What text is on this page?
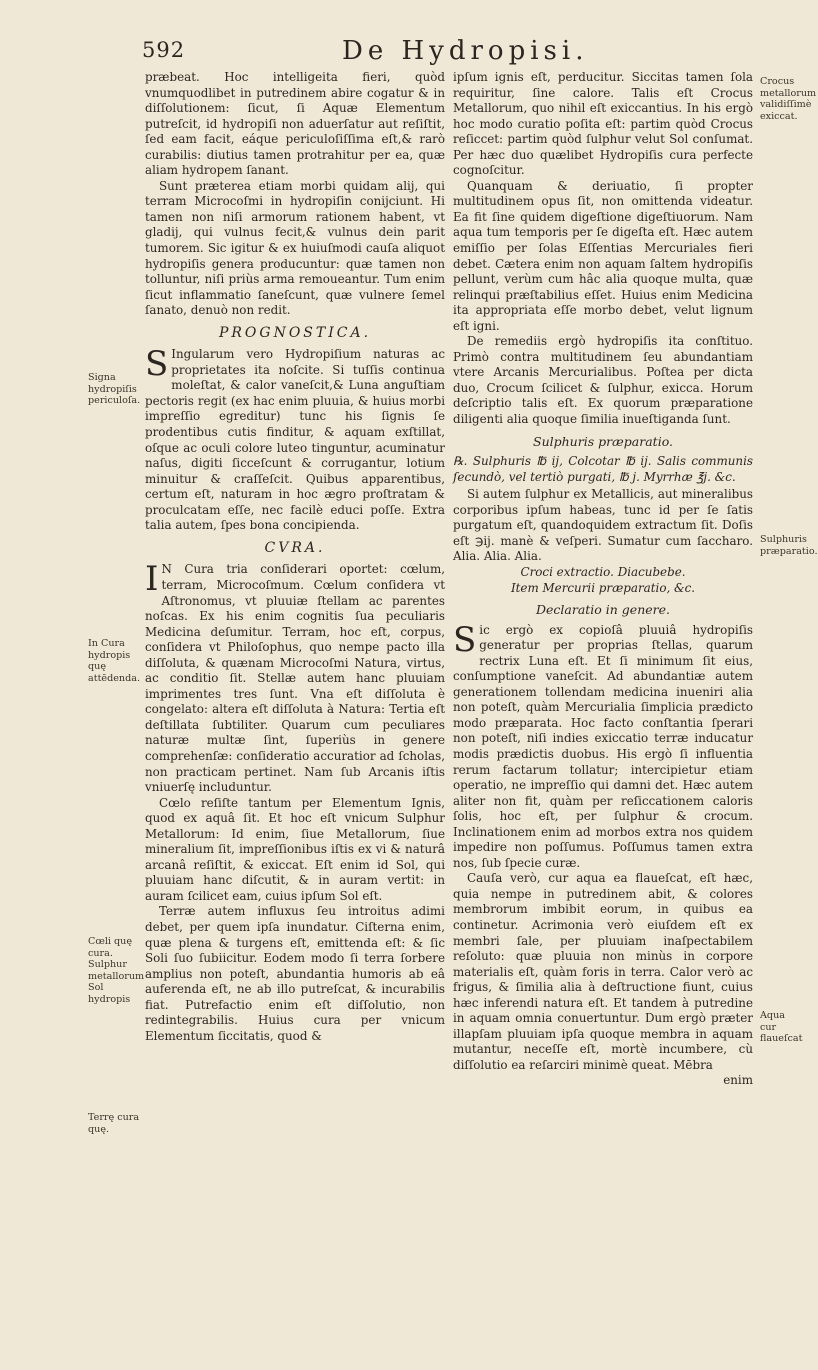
592	De Hydropisi.

præbeat. Hoc intelligeita fieri, quòd vnumquodlibet in putredinem abire cogatur & in diſſolutionem: ſicut, ſi Aquæ Elementum putreſcit, id hydropiſi non aduerſatur aut reſiſtit, ſed eam facit, eáque periculoſiſſima eſt,& rarò curabilis: diutius tamen protrahitur per ea, quæ aliam hydropem ſanant.

Sunt præterea etiam morbi quidam alij, qui terram Microcoſmi in hydropiſin conijciunt. Hi tamen non niſi armorum rationem habent, vt gladij, qui vulnus fecit,& vulnus dein parit tumorem. Sic igitur & ex huiuſmodi cauſa aliquot hydropiſis genera producuntur: quæ tamen non tolluntur, niſi priùs arma remoueantur. Tum enim ſicut inflammatio ſaneſcunt, quæ vulnere ſemel ſanato, denuò non redit.

PROGNOSTICA.

S Ingularum vero Hydropiſium naturas ac proprietates ita noſcite. Si tuſſis continua moleſtat, & calor vaneſcit,& Luna anguſtiam pectoris regit (ex hac enim pluuia, & huius morbi impreſſio egreditur) tunc his ſignis ſe prodentibus cutis finditur, & aquam exſtillat, oſque ac oculi colore luteo tinguntur, acuminatur naſus, digiti ſicceſcunt & corrugantur, lotium minuitur & craſſeſcit. Quibus apparentibus, certum eſt, naturam in hoc ægro proſtratam & proculcatam eſſe, nec facilè educi poſſe. Extra talia autem, ſpes bona concipienda.

CVRA.

I N Cura tria conſiderari oportet: cœlum, terram, Microcoſmum. Cœlum conſiderа vt Aſtronomus, vt pluuiæ ſtellam ac parentes noſcas. Ex his enim cognitis ſua peculiaris Medicina deſumitur. Terram, hoc eſt, corpus, conſidera vt Philoſophus, quo nempe pacto illa diſſoluta, & quænam Microcoſmi Natura, virtus, ac conditio ſit. Stellæ autem hanc pluuiam imprimentes tres ſunt. Vna eſt diſſoluta è congelato: altera eſt diſſoluta à Natura: Tertia eſt deſtillata ſubtiliter. Quarum cum peculiares naturæ multæ ſint, ſuperiùs in genere comprehenſæ: conſideratio accuratior ad ſcholas, non practicam pertinet. Nam ſub Arcanis iſtis vniuerſę includuntur.

Cœlo reſiſte tantum per Elementum Ignis, quod ex aquâ ſit. Et hoc eſt vnicum Sulphur Metallorum: Id enim, ſiue Metallorum, ſiue mineralium ſit, impreſſionibus iſtis ex vi & naturâ arcanâ reſiſtit, & exiccat. Eſt enim id Sol, qui pluuiam hanc diſcutit, & in auram vertit: in auram ſcilicet eam, cuius ipſum Sol eſt.

Terræ autem influxus ſeu introitus adimi debet, per quem ipſa inundatur. Ciſterna enim, quæ plena & turgens eſt, emittenda eſt: & ſic Soli ſuo ſubiicitur. Eodem modo ſi terra ſorbere amplius non poteſt, abundantia humoris ab eâ auferenda eſt, ne ab illo putreſcat, & incurabilis fiat. Putrefactio enim eſt diſſolutio, non redintegrabilis. Huius cura per vnicum Elementum ſiccitatis, quod &

ipſum ignis eſt, perducitur. Siccitas tamen ſola requiritur, ſine calore. Talis eſt Crocus Metallorum, quo nihil eſt exiccantius. In his ergò hoc modo curatio poſita eſt: partim quòd Crocus reſiccet: partim quòd ſulphur velut Sol conſumat. Per hæc duo quælibet Hydropiſis cura perfecte cognoſcitur.

Quanquam & deriuatio, ſi propter multitudinem opus ſit, non omittenda videatur. Ea fit ſine quidem digeſtione digeſtiuorum. Nam aqua tum temporis per ſe digeſta eſt. Hæc autem emiſſio per ſolas Eſſentias Mercuriales fieri debet. Cætera enim non aquam ſaltem hydropiſis pellunt, verùm cum hâc alia quoque multa, quæ relinqui præſtabilius eſſet. Huius enim Medicina ita appropriata eſſe morbo debet, velut lignum eſt igni.

De remediis ergò hydropiſis ita conſtituo. Primò contra multitudinem ſeu abundantiam vtere Arcanis Mercurialibus. Poſtea per dicta duo, Crocum ſcilicet & ſulphur, exicca. Horum deſcriptio talis eſt. Ex quorum præparatione diligenti alia quoque ſimilia inueſtiganda ſunt.

Sulphuris præparatio.

℞. Sulphuris ℔ ij, Colcotar ℔ ij. Salis communis ſecundò, vel tertiò purgati, ℔ j. Myrrhæ ℥j. &c.

Si autem ſulphur ex Metallicis, aut mineralibus corporibus ipſum habeas, tunc id per ſe ſatis purgatum eſt, quandoquidem extractum ſit. Doſis eſt ℈ij. manè & veſperi. Sumatur cum ſaccharo. Alia. Alia. Alia.

Croci extractio. Diacubebe.

Item Mercurii præparatio, &c.

Declaratio in genere.

Sic ergò ex copioſâ pluuiâ hydropiſis generatur per proprias ſtellas, quarum rectrix Luna eſt. Et ſi minimum ſit eius, conſumptione vaneſcit. Ad abundantiæ autem generationem tollendam medicina inueniri alia non poteſt, quàm Mercurialia ſimplicia prædicto modo præparata. Hoc facto conſtantia ſperari non poteſt, niſi indies exiccatio terræ inducatur modis prædictis duobus. His ergò ſi influentia rerum factarum tollatur; intercipietur etiam operatio, ne impreſſio qui damni det. Hæc autem aliter non fit, quàm per reſiccationem caloris ſolis, hoc eſt, per ſulphur & crocum. Inclinationem enim ad morbos extra nos quidem impedire non poſſumus. Poſſumus tamen extra nos, ſub ſpecie curæ.

Cauſa verò, cur aqua ea flaueſcat, eſt hæc, quia nempe in putredinem abit, & colores membrorum imbibit eorum, in quibus ea continetur. Acrimonia verò eiuſdem eſt ex membri ſale, per pluuiam inaſpectabilem reſoluto: quæ pluuia non minùs in corpore materialis eſt, quàm foris in terra. Calor verò ac frigus, & ſimilia alia à deſtructione fiunt, cuius hæc inferendi natura eſt. Et tandem à putredine in aquam omnia conuertuntur. Dum ergò præter illapſam pluuiam ipſa quoque membra in aquam mutantur, neceſſe eſt, mortè incumbere, cù diſſolutio ea reſarciri minimè queat. Mēbra

enim

Signa hydropiſis periculoſa.
In Cura hydropis quę attēdenda.
Cœli quę cura. Sulphur metallorum Sol hydropis
Terrę cura quę.
Crocus metallorum validiſſimè exiccat.
Sulphuris præparatio.
Aqua cur flaueſcat
